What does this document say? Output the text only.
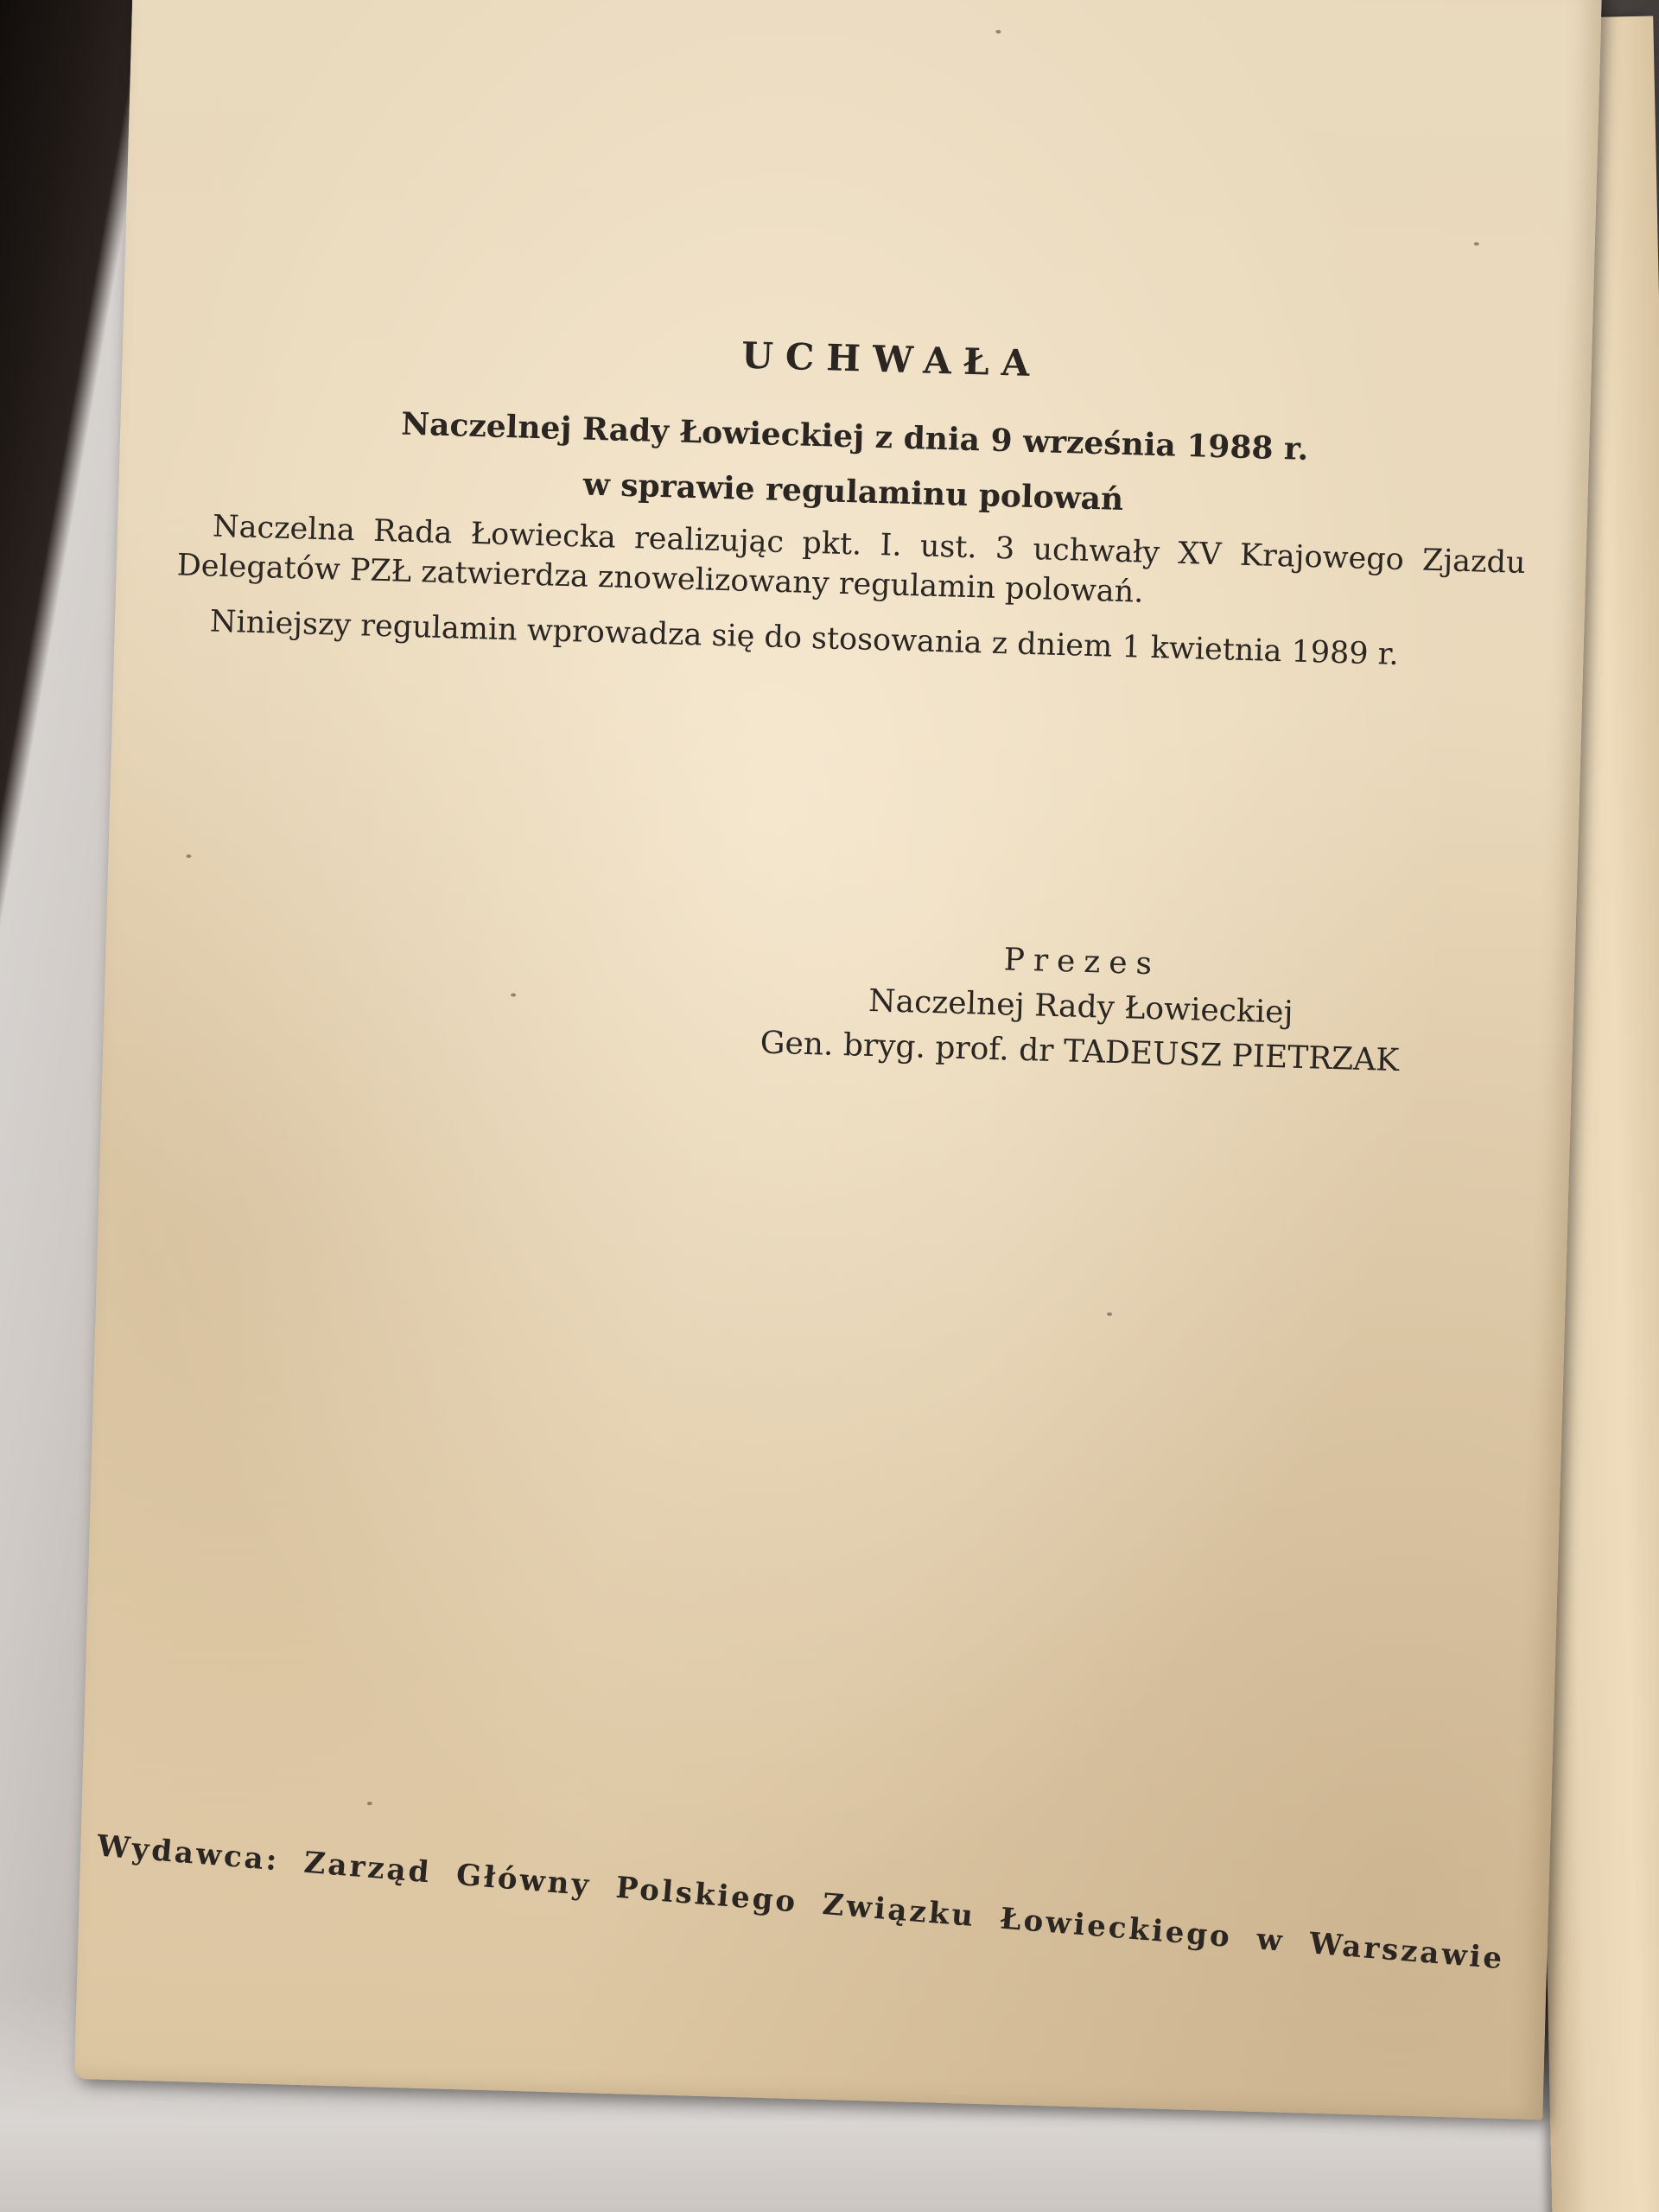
UCHWAŁA
Naczelnej Rady Łowieckiej z dnia 9 września 1988 r.
w sprawie regulaminu polowań

Naczelna Rada Łowiecka realizując pkt. I. ust. 3 uchwały XV Krajowego Zjazdu Delegatów PZŁ zatwierdza znowelizowany regulamin polowań.

Niniejszy regulamin wprowadza się do stosowania z dniem 1 kwietnia 1989 r.

Prezes
Naczelnej Rady Łowieckiej
Gen. bryg. prof. dr TADEUSZ PIETRZAK
Wydawca: Zarząd Główny Polskiego Związku Łowieckiego w Warszawie
